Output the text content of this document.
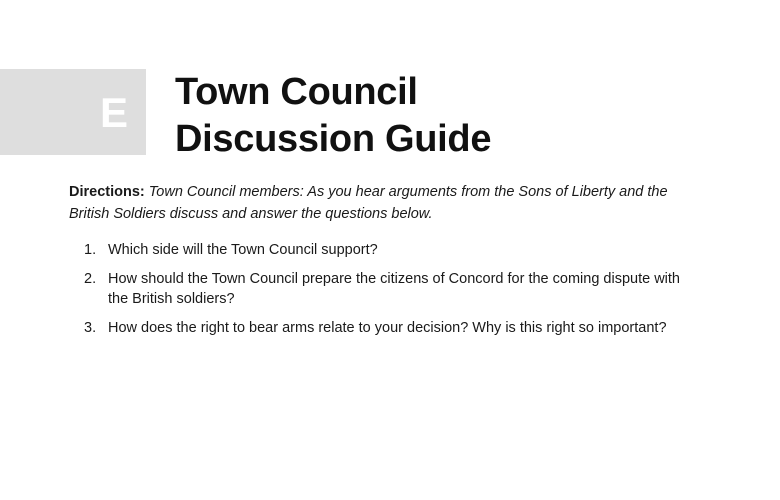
E Town Council
Discussion Guide

Directions: Town Council members: As you hear arguments from the Sons of Liberty and the British Soldiers discuss and answer the questions below.

1. Which side will the Town Council support?
2. How should the Town Council prepare the citizens of Concord for the coming dispute with the British soldiers?
3. How does the right to bear arms relate to your decision? Why is this right so important?
